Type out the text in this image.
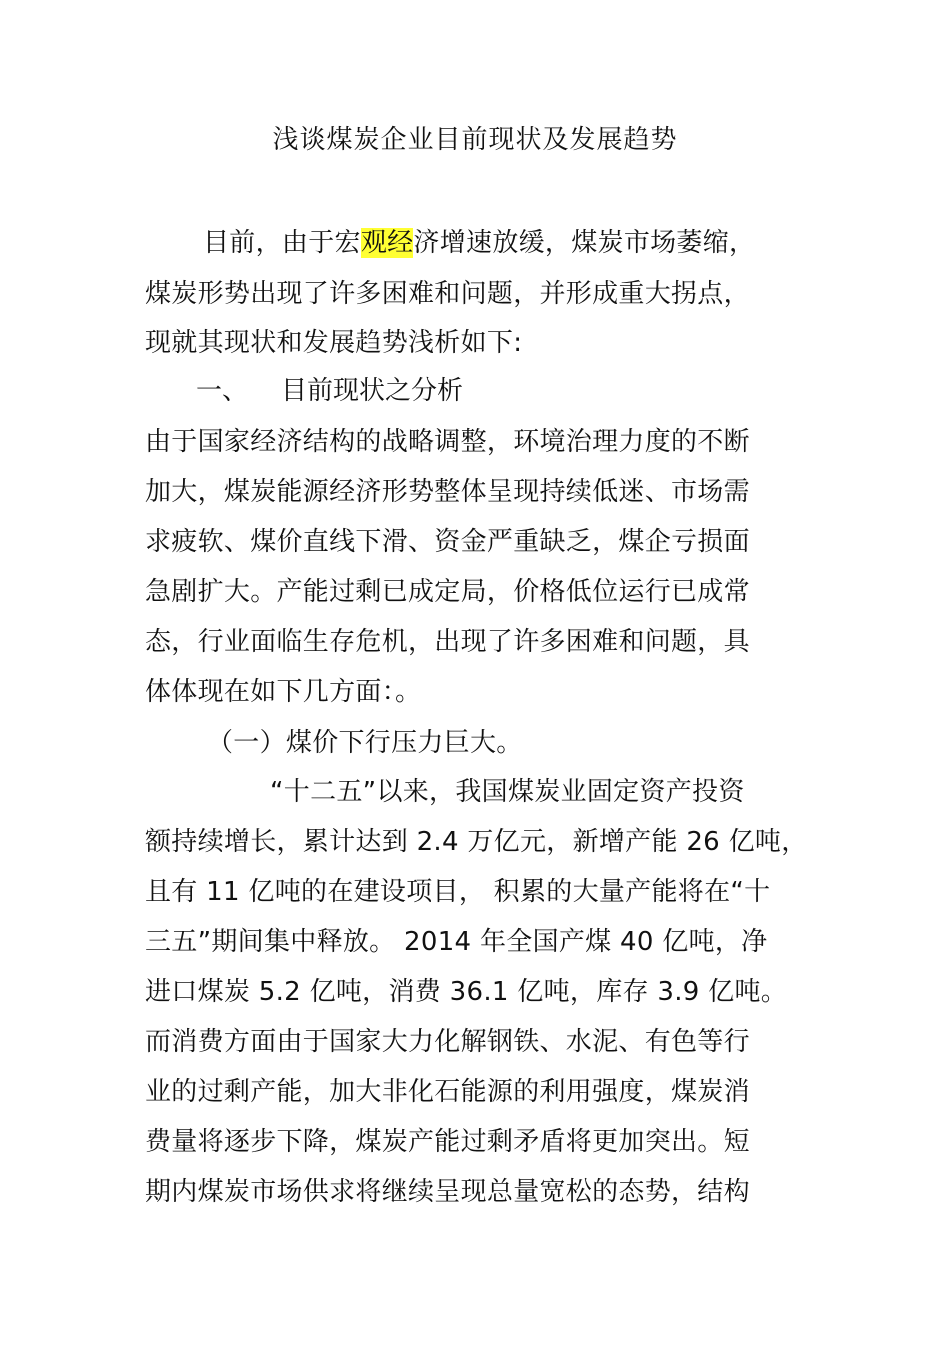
浅谈煤炭企业目前现状及发展趋势
目前，由于宏观经济增速放缓，煤炭市场萎缩，
煤炭形势出现了许多困难和问题，并形成重大拐点，
现就其现状和发展趋势浅析如下:
一、 目前现状之分析
由于国家经济结构的战略调整，环境治理力度的不断
加大，煤炭能源经济形势整体呈现持续低迷、市场需
求疲软、煤价直线下滑、资金严重缺乏，煤企亏损面
急剧扩大。产能过剩已成定局，价格低位运行已成常
态，行业面临生存危机，出现了许多困难和问题，具
体体现在如下几方面：。
（一）煤价下行压力巨大。
“十二五”以来，我国煤炭业固定资产投资
额持续增长，累计达到 2.4 万亿元，新增产能 26 亿吨，
且有 11 亿吨的在建设项目， 积累的大量产能将在“十
三五”期间集中释放。 2014 年全国产煤 40 亿吨，净
进口煤炭 5.2 亿吨，消费 36.1 亿吨，库存 3.9 亿吨。
而消费方面由于国家大力化解钢铁、水泥、有色等行
业的过剩产能，加大非化石能源的利用强度，煤炭消
费量将逐步下降，煤炭产能过剩矛盾将更加突出。短
期内煤炭市场供求将继续呈现总量宽松的态势，结构
